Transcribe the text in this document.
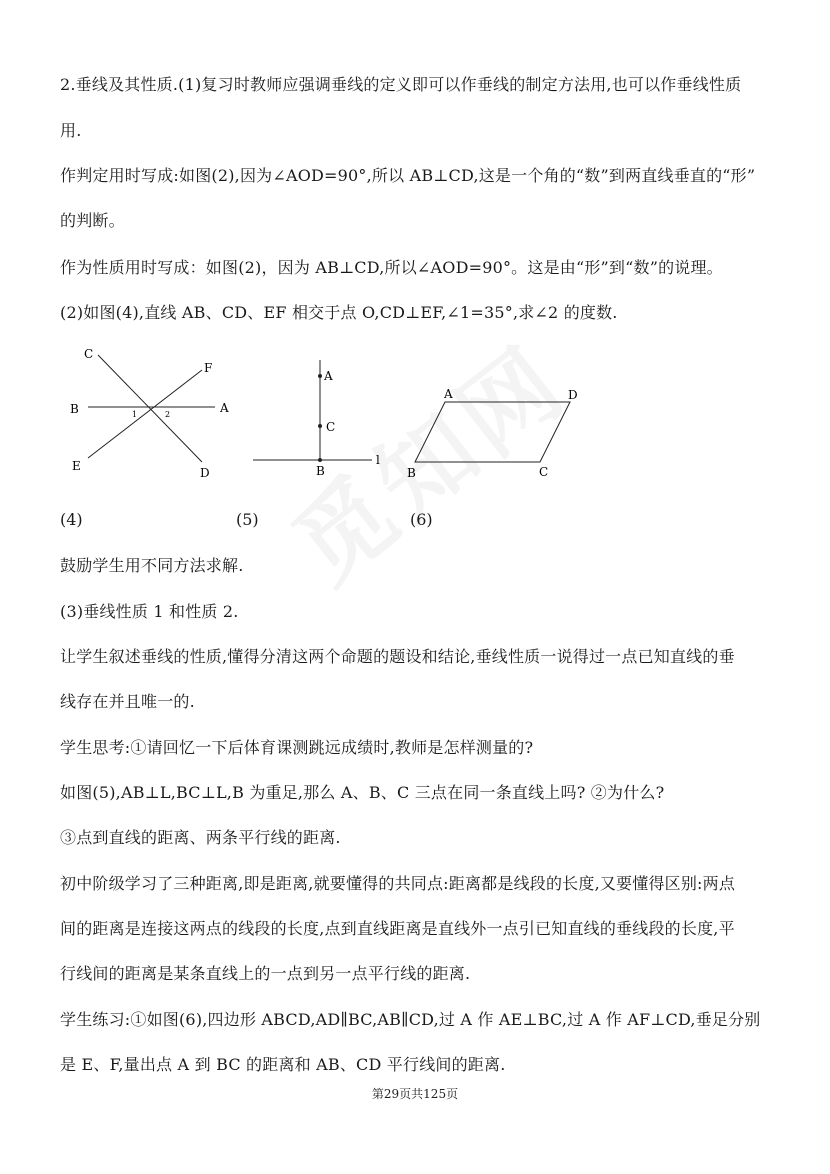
2.垂线及其性质.(1)复习时教师应强调垂线的定义即可以作垂线的制定方法用,也可以作垂线性质
用.
作判定用时写成:如图(2),因为∠AOD=90°,所以 AB⊥CD,这是一个角的“数”到两直线垂直的“形”
的判断。
作为性质用时写成：如图(2)，因为 AB⊥CD,所以∠AOD=90°。这是由“形”到“数”的说理。
(2)如图(4),直线 AB、CD、EF 相交于点 O,CD⊥EF,∠1=35°,求∠2 的度数.
C
F
B	A
E	D
1	2
A
C
B
l
A	D
B	C
(4)	(5)	(6)
鼓励学生用不同方法求解.
(3)垂线性质 1 和性质 2.
让学生叙述垂线的性质,懂得分清这两个命题的题设和结论,垂线性质一说得过一点已知直线的垂
线存在并且唯一的.
学生思考:①请回忆一下后体育课测跳远成绩时,教师是怎样测量的?
如图(5),AB⊥L,BC⊥L,B 为重足,那么 A、B、C 三点在同一条直线上吗? ②为什么?
③点到直线的距离、两条平行线的距离.
初中阶级学习了三种距离,即是距离,就要懂得的共同点:距离都是线段的长度,又要懂得区别:两点
间的距离是连接这两点的线段的长度,点到直线距离是直线外一点引已知直线的垂线段的长度,平
行线间的距离是某条直线上的一点到另一点平行线的距离.
学生练习:①如图(6),四边形 ABCD,AD∥BC,AB∥CD,过 A 作 AE⊥BC,过 A 作 AF⊥CD,垂足分别
是 E、F,量出点 A 到 BC 的距离和 AB、CD 平行线间的距离.
第29页共125页
